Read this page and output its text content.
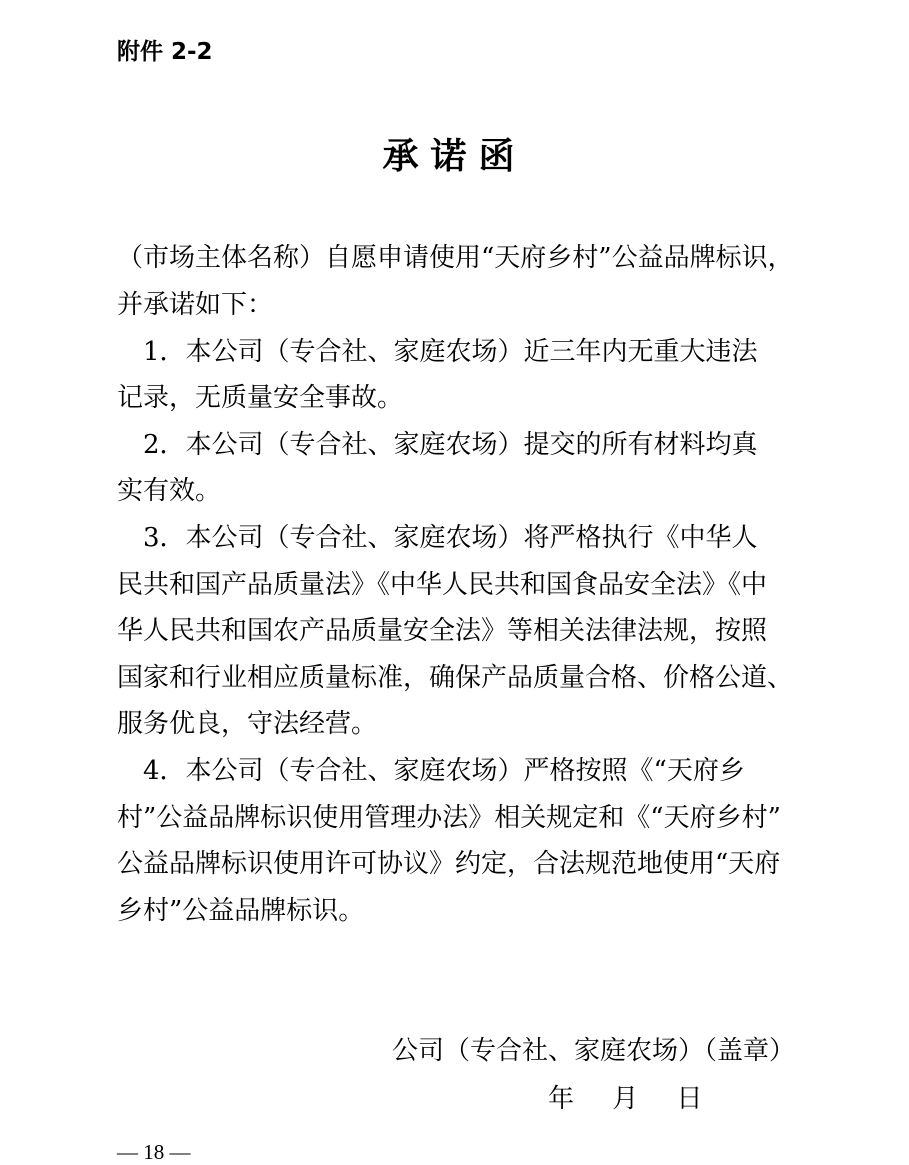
附件 2-2
承诺函
（市场主体名称）自愿申请使用“天府乡村”公益品牌标识，
并承诺如下：
　1．本公司（专合社、家庭农场）近三年内无重大违法
记录，无质量安全事故。
　2．本公司（专合社、家庭农场）提交的所有材料均真
实有效。
　3．本公司（专合社、家庭农场）将严格执行《中华人
民共和国产品质量法》《中华人民共和国食品安全法》《中
华人民共和国农产品质量安全法》等相关法律法规，按照
国家和行业相应质量标准，确保产品质量合格、价格公道、
服务优良，守法经营。
　4．本公司（专合社、家庭农场）严格按照《“天府乡
村”公益品牌标识使用管理办法》相关规定和《“天府乡村”
公益品牌标识使用许可协议》约定，合法规范地使用“天府
乡村”公益品牌标识。
公司（专合社、家庭农场）（盖章）
年 月 日
— 18 —
